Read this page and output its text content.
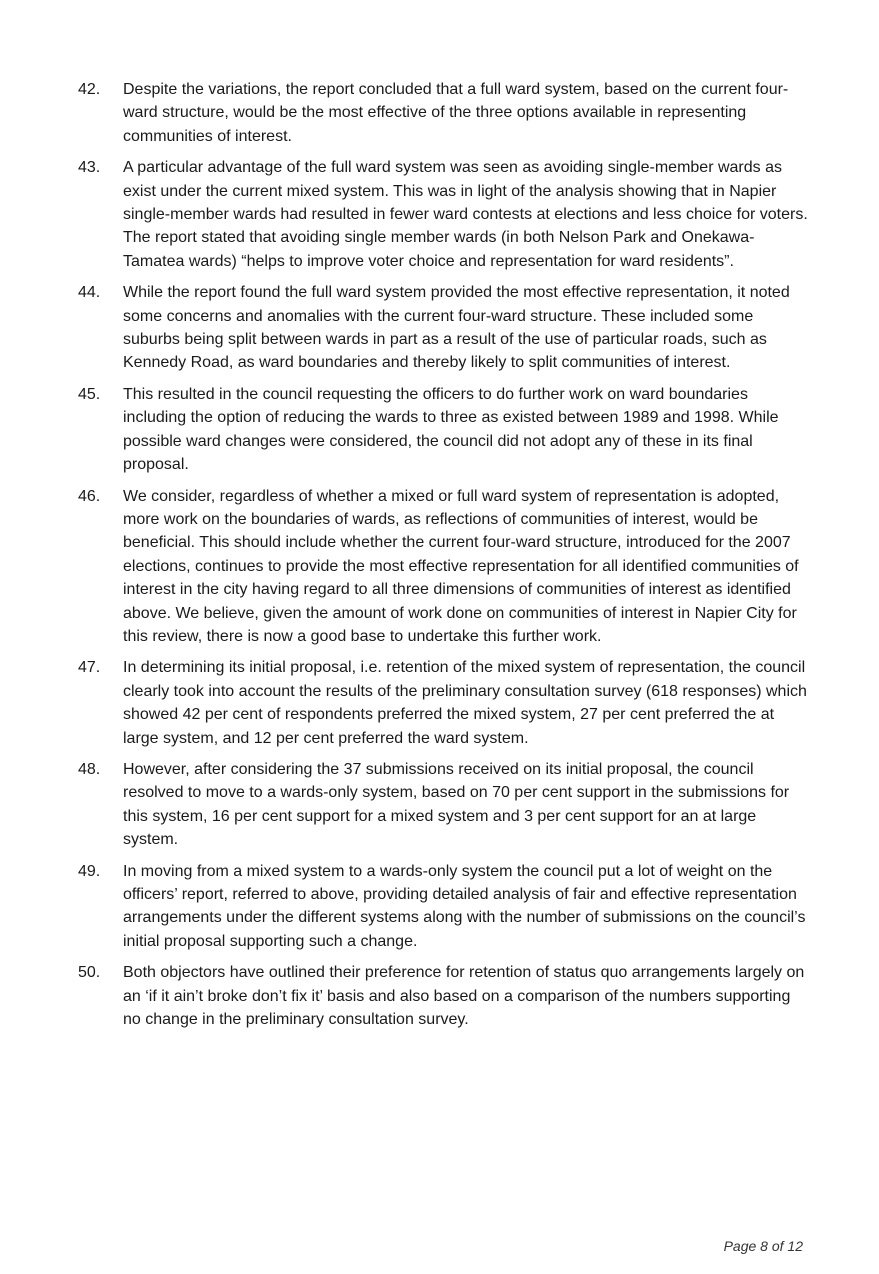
42.	Despite the variations, the report concluded that a full ward system, based on the current four-ward structure, would be the most effective of the three options available in representing communities of interest.

43.	A particular advantage of the full ward system was seen as avoiding single-member wards as exist under the current mixed system. This was in light of the analysis showing that in Napier single-member wards had resulted in fewer ward contests at elections and less choice for voters. The report stated that avoiding single member wards (in both Nelson Park and Onekawa-Tamatea wards) “helps to improve voter choice and representation for ward residents”.

44.	While the report found the full ward system provided the most effective representation, it noted some concerns and anomalies with the current four-ward structure. These included some suburbs being split between wards in part as a result of the use of particular roads, such as Kennedy Road, as ward boundaries and thereby likely to split communities of interest.

45.	This resulted in the council requesting the officers to do further work on ward boundaries including the option of reducing the wards to three as existed between 1989 and 1998. While possible ward changes were considered, the council did not adopt any of these in its final proposal.

46.	We consider, regardless of whether a mixed or full ward system of representation is adopted, more work on the boundaries of wards, as reflections of communities of interest, would be beneficial. This should include whether the current four-ward structure, introduced for the 2007 elections, continues to provide the most effective representation for all identified communities of interest in the city having regard to all three dimensions of communities of interest as identified above. We believe, given the amount of work done on communities of interest in Napier City for this review, there is now a good base to undertake this further work.

47.	In determining its initial proposal, i.e. retention of the mixed system of representation, the council clearly took into account the results of the preliminary consultation survey (618 responses) which showed 42 per cent of respondents preferred the mixed system, 27 per cent preferred the at large system, and 12 per cent preferred the ward system.

48.	However, after considering the 37 submissions received on its initial proposal, the council resolved to move to a wards-only system, based on 70 per cent support in the submissions for this system, 16 per cent support for a mixed system and 3 per cent support for an at large system.

49.	In moving from a mixed system to a wards-only system the council put a lot of weight on the officers’ report, referred to above, providing detailed analysis of fair and effective representation arrangements under the different systems along with the number of submissions on the council’s initial proposal supporting such a change.

50.	Both objectors have outlined their preference for retention of status quo arrangements largely on an ‘if it ain’t broke don’t fix it’ basis and also based on a comparison of the numbers supporting no change in the preliminary consultation survey.

Page 8 of 12
